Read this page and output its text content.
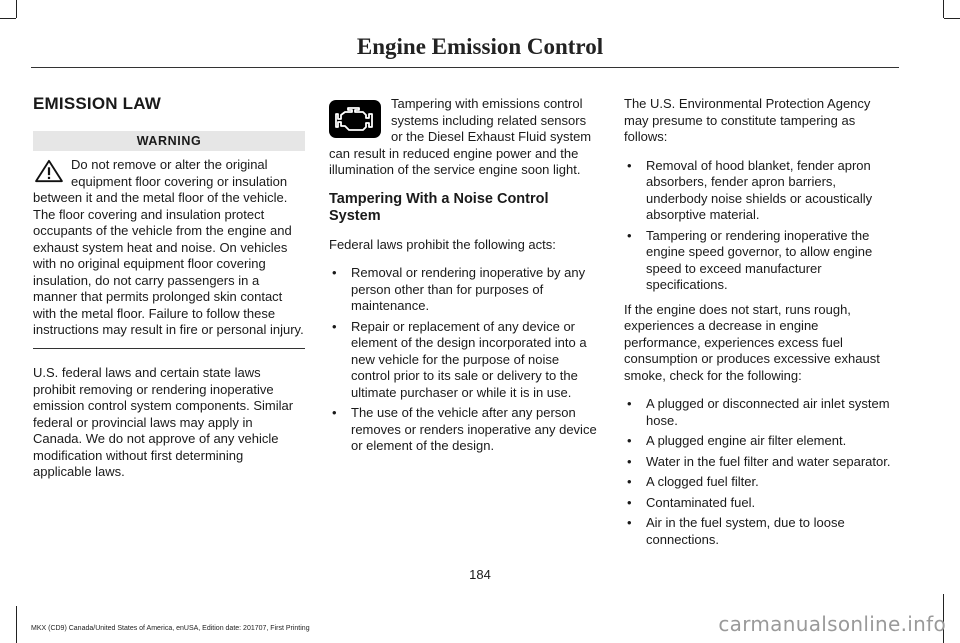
Engine Emission Control
EMISSION LAW
WARNING

Do not remove or alter the original equipment floor covering or insulation between it and the metal floor of the vehicle. The floor covering and insulation protect occupants of the vehicle from the engine and exhaust system heat and noise. On vehicles with no original equipment floor covering insulation, do not carry passengers in a manner that permits prolonged skin contact with the metal floor. Failure to follow these instructions may result in fire or personal injury.

U.S. federal laws and certain state laws prohibit removing or rendering inoperative emission control system components. Similar federal or provincial laws may apply in Canada. We do not approve of any vehicle modification without first determining applicable laws.

Tampering with emissions control systems including related sensors or the Diesel Exhaust Fluid system can result in reduced engine power and the illumination of the service engine soon light.

Tampering With a Noise Control System

Federal laws prohibit the following acts:

• Removal or rendering inoperative by any person other than for purposes of maintenance.
• Repair or replacement of any device or element of the design incorporated into a new vehicle for the purpose of noise control prior to its sale or delivery to the ultimate purchaser or while it is in use.
• The use of the vehicle after any person removes or renders inoperative any device or element of the design.

The U.S. Environmental Protection Agency may presume to constitute tampering as follows:

• Removal of hood blanket, fender apron absorbers, fender apron barriers, underbody noise shields or acoustically absorptive material.
• Tampering or rendering inoperative the engine speed governor, to allow engine speed to exceed manufacturer specifications.

If the engine does not start, runs rough, experiences a decrease in engine performance, experiences excess fuel consumption or produces excessive exhaust smoke, check for the following:

• A plugged or disconnected air inlet system hose.
• A plugged engine air filter element.
• Water in the fuel filter and water separator.
• A clogged fuel filter.
• Contaminated fuel.
• Air in the fuel system, due to loose connections.

184

MKX (CD9) Canada/United States of America, enUSA, Edition date: 201707, First Printing	carmanualsonline.info
